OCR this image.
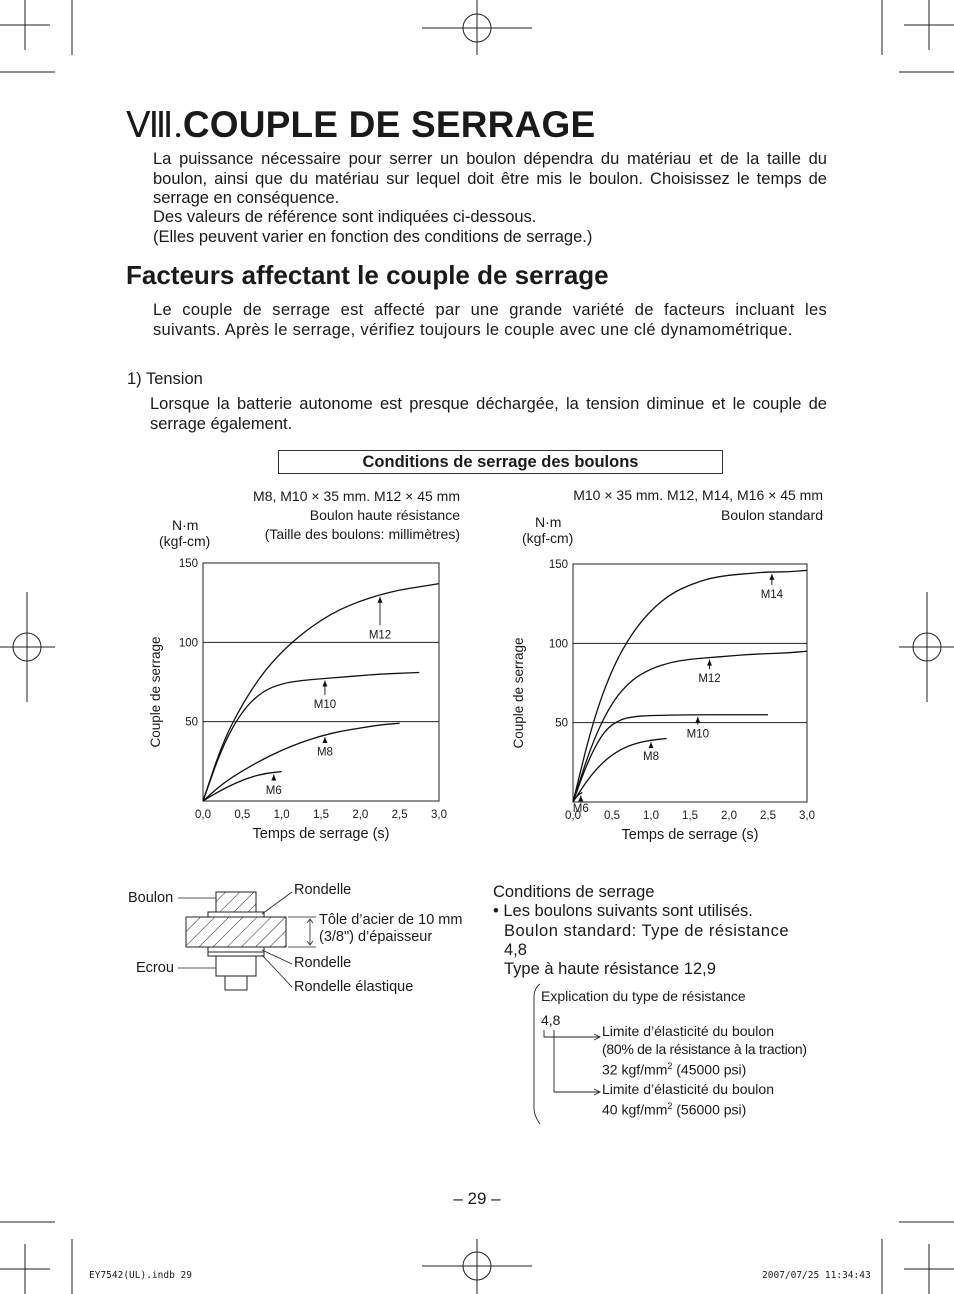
Ⅷ.COUPLE DE SERRAGE

La puissance nécessaire pour serrer un boulon dépendra du matériau et de la taille du boulon, ainsi que du matériau sur lequel doit être mis le boulon. Choisissez le temps de serrage en conséquence.

Des valeurs de référence sont indiquées ci-dessous.

(Elles peuvent varier en fonction des conditions de serrage.)

Facteurs affectant le couple de serrage

Le couple de serrage est affecté par une grande variété de facteurs incluant les suivants. Après le serrage, vérifiez toujours le couple avec une clé dynamométrique.

1) Tension

Lorsque la batterie autonome est presque déchargée, la tension diminue et le couple de serrage également.

Conditions de serrage des boulons
M8, M10 × 35 mm. M12 × 45 mm
Boulon haute résistance
(Taille des boulons: millimètres)
N·m
(kgf-cm)
M10 × 35 mm. M12, M14, M16 × 45 mm
Boulon standard
N·m
(kgf-cm)
0,0 0,5 1,0 1,5 2,0 2,5 3,0
50
100
150
Temps de serrage (s)
Couple de serrage
M12
M10
M8
M6
0,0 0,5 1,0 1,5 2,0 2,5 3,0
50
100
150
Temps de serrage (s)
Couple de serrage
M14
M12
M10
M8
M6
Boulon
Ecrou
Rondelle
Tôle d’acier de 10 mm
(3/8") d’épaisseur
Rondelle
Rondelle élastique
Conditions de serrage
• Les boulons suivants sont utilisés.
Boulon standard: Type de résistance
4,8
Type à haute résistance 12,9
Explication du type de résistance
4,8
Limite d’élasticité du boulon
(80% de la résistance à la traction)
32 kgf/$mm^2$ (45000 psi)
Limite d’élasticité du boulon
40 kgf/$mm^2$ (56000 psi)
– 29 –
EY7542(UL).indb 29	2007/07/25 11:34:43
